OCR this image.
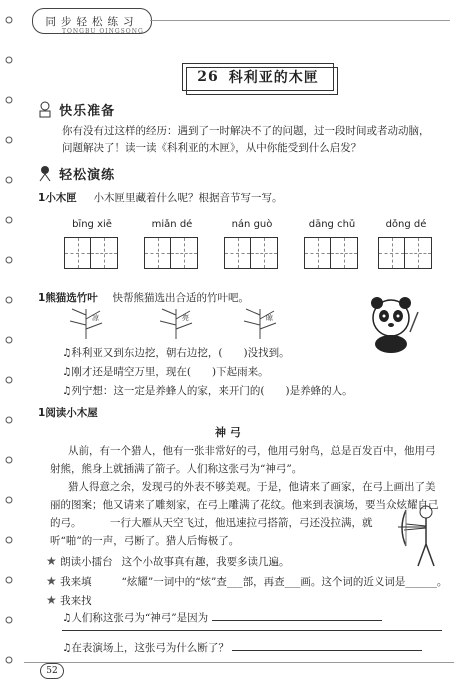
同步轻松练习
TONGBU QINGSONG
26 科利亚的木匣
$^{快乐准备}$
你有没有过这样的经历：遇到了一时解决不了的问题，过一段时间或者动动脑，问题解决了！读一读《科利亚的木匣》，从中你能受到什么启发？
$^{轻松演练}$
1小木匣 小木匣里藏着什么呢？根据音节写一写。
bīng xiē	miǎn dé	nán guò	dāng chǔ	dǒng dé
1熊猫选竹叶 快帮熊猫选出合适的竹叶吧。
凉	亮	晾
♫科利亚又到东边挖，朝右边挖，(　　)没找到。
♫刚才还是晴空万里，现在(　　)下起雨来。
♫列宁想：这一定是养蜂人的家，来开门的(　　)是养蜂的人。
1阅读小木屋
神 弓
从前，有一个猎人，他有一张非常好的弓，他用弓射鸟，总是百发百中，他用弓射熊，熊身上就插满了箭子。人们称这张弓为“神弓”。
猎人得意之余，发现弓的外表不够美观。于是，他请来了画家，在弓上画出了美丽的图案；他又请来了雕刻家，在弓上雕满了花纹。他来到表演场，要当众炫耀自己的弓。	一行大雁从天空飞过，他迅速拉弓搭箭，弓还没拉满，就听“啪”的一声，弓断了。猎人后悔极了。
★ 朗读小擂台 这个小故事真有趣，我要多读几遍。
★ 我来填	“炫耀”一词中的“炫”查___部，再查___画。这个词的近义词是______。
★ 我来找
♫人们称这张弓为“神弓”是因为
♫在表演场上，这张弓为什么断了？
52
